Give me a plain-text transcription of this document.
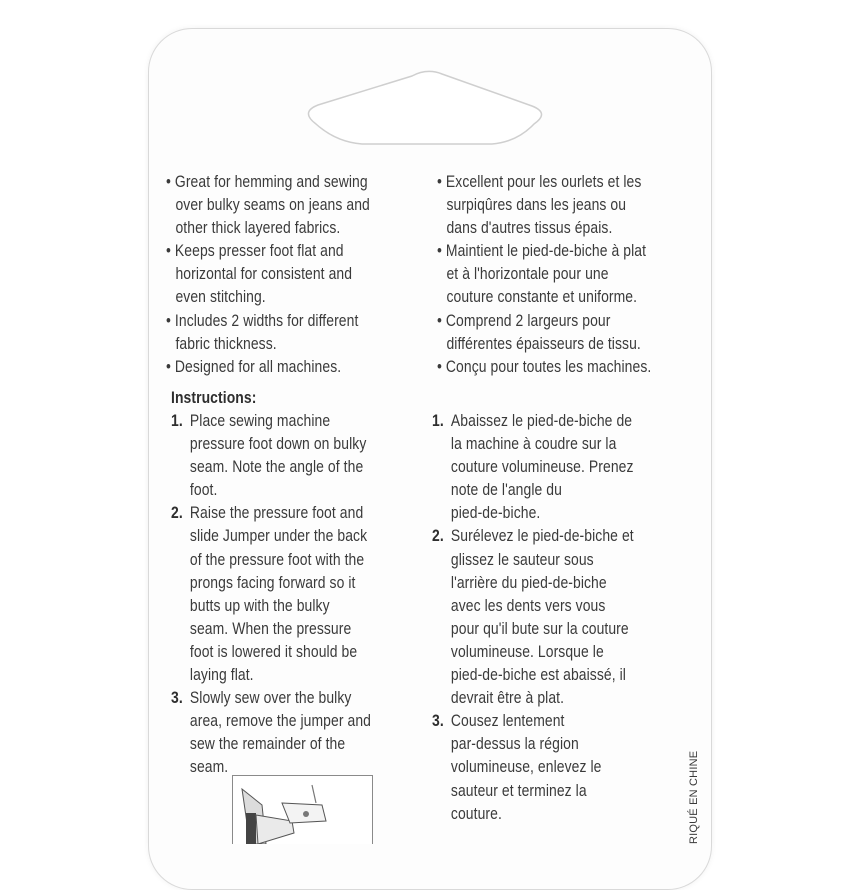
• Great for hemming and sewing
over bulky seams on jeans and
other thick layered fabrics.
• Keeps presser foot flat and
horizontal for consistent and
even stitching.
• Includes 2 widths for different
fabric thickness.
• Designed for all machines.
• Excellent pour les ourlets et les
surpiqûres dans les jeans ou
dans d'autres tissus épais.
• Maintient le pied-de-biche à plat
et à l'horizontale pour une
couture constante et uniforme.
• Comprend 2 largeurs pour
différentes épaisseurs de tissu.
• Conçu pour toutes les machines.
Instructions:
1. Place sewing machine
pressure foot down on bulky
seam. Note the angle of the
foot.
2. Raise the pressure foot and
slide Jumper under the back
of the pressure foot with the
prongs facing forward so it
butts up with the bulky
seam. When the pressure
foot is lowered it should be
laying flat.
3. Slowly sew over the bulky
area, remove the jumper and
sew the remainder of the
seam.
1. Abaissez le pied-de-biche de
la machine à coudre sur la
couture volumineuse. Prenez
note de l'angle du
pied-de-biche.
2. Surélevez le pied-de-biche et
glissez le sauteur sous
l'arrière du pied-de-biche
avec les dents vers vous
pour qu'il bute sur la couture
volumineuse. Lorsque le
pied-de-biche est abaissé, il
devrait être à plat.
3. Cousez lentement
par-dessus la région
volumineuse, enlevez le
sauteur et terminez la
couture.	RIQUÉ EN CHINE
